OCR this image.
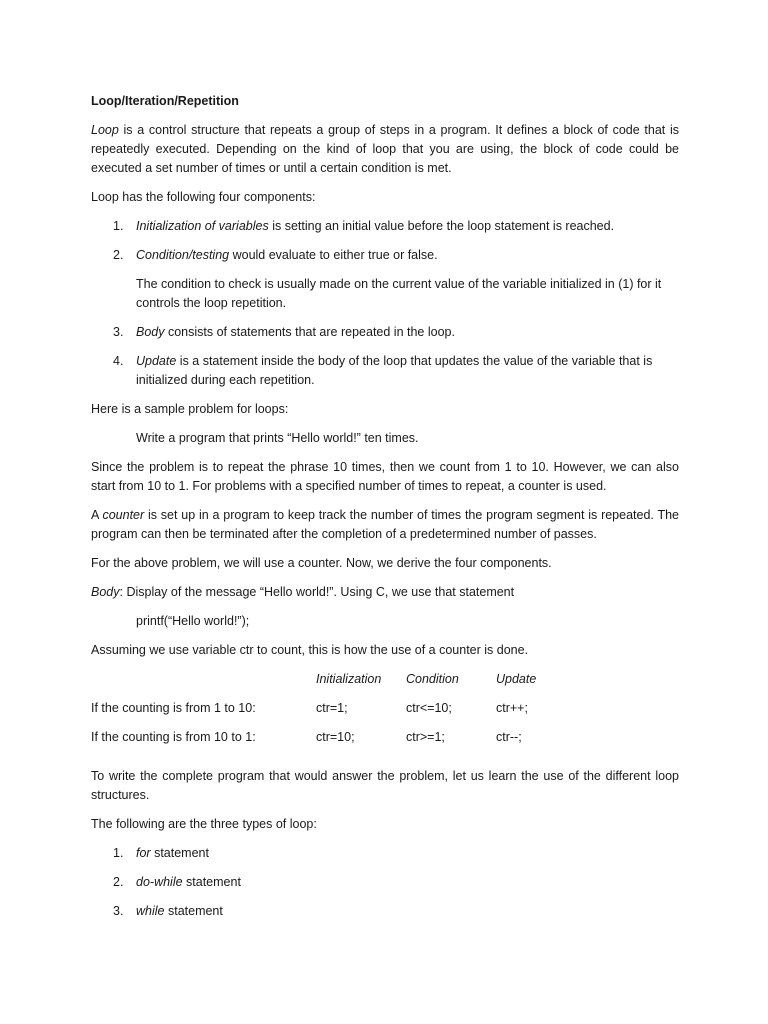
Loop/Iteration/Repetition

Loop is a control structure that repeats a group of steps in a program. It defines a block of code that is repeatedly executed. Depending on the kind of loop that you are using, the block of code could be executed a set number of times or until a certain condition is met.

Loop has the following four components:

1. Initialization of variables is setting an initial value before the loop statement is reached.
2. Condition/testing would evaluate to either true or false.

The condition to check is usually made on the current value of the variable initialized in (1) for it controls the loop repetition.

3. Body consists of statements that are repeated in the loop.
4. Update is a statement inside the body of the loop that updates the value of the variable that is initialized during each repetition.

Here is a sample problem for loops:

Write a program that prints “Hello world!” ten times.

Since the problem is to repeat the phrase 10 times, then we count from 1 to 10. However, we can also start from 10 to 1. For problems with a specified number of times to repeat, a counter is used.

A counter is set up in a program to keep track the number of times the program segment is repeated. The program can then be terminated after the completion of a predetermined number of passes.

For the above problem, we will use a counter. Now, we derive the four components.

Body: Display of the message “Hello world!”. Using C, we use that statement

printf(“Hello world!”);

Assuming we use variable ctr to count, this is how the use of a counter is done.

	Initialization	Condition	Update
If the counting is from 1 to 10:	ctr=1;	ctr<=10;	ctr++;
If the counting is from 10 to 1:	ctr=10;	ctr>=1;	ctr--;

To write the complete program that would answer the problem, let us learn the use of the different loop structures.

The following are the three types of loop:

1. for statement
2. do-while statement
3. while statement
